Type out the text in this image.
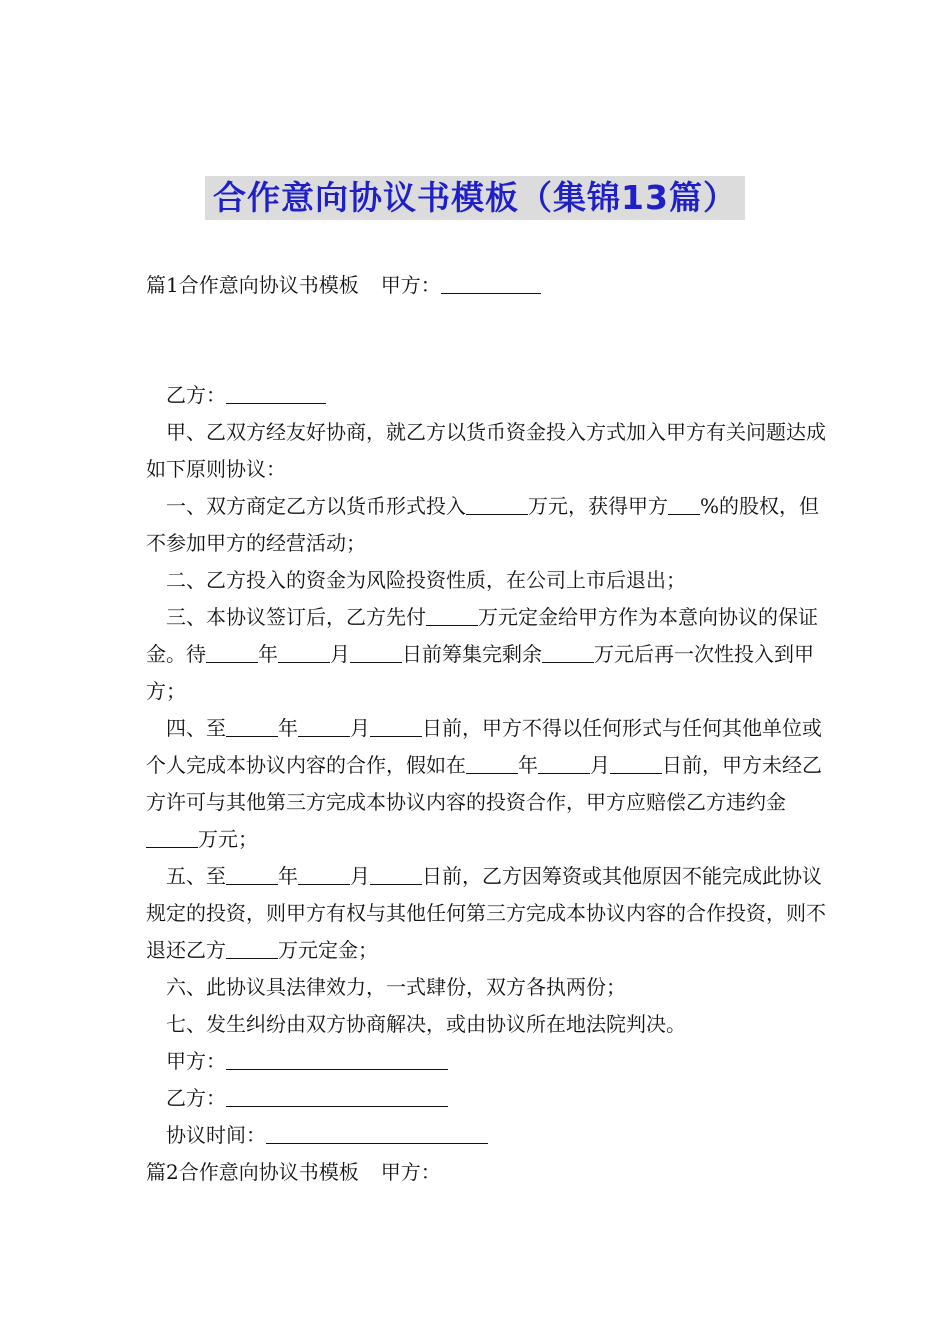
合作意向协议书模板（集锦13篇）

篇1合作意向协议书模板 甲方：

乙方：

甲、乙双方经友好协商，就乙方以货币资金投入方式加入甲方有关问题达成如下原则协议：

一、双方商定乙方以货币形式投入	万元，获得甲方 %的股权，但不参加甲方的经营活动；

二、乙方投入的资金为风险投资性质，在公司上市后退出；

三、本协议签订后，乙方先付	万元定金给甲方作为本意向协议的保证金。待	年	月	日前筹集完剩余	万元后再一次性投入到甲方；

四、至	年	月	日前，甲方不得以任何形式与任何其他单位或个人完成本协议内容的合作，假如在	年	月	日前，甲方未经乙方许可与其他第三方完成本协议内容的投资合作，甲方应赔偿乙方违约金万元；

五、至	年	月	日前，乙方因筹资或其他原因不能完成此协议规定的投资，则甲方有权与其他任何第三方完成本协议内容的合作投资，则不退还乙方	万元定金；

六、此协议具法律效力，一式肆份，双方各执两份；

七、发生纠纷由双方协商解决，或由协议所在地法院判决。

甲方：

乙方：

协议时间：

篇2合作意向协议书模板 甲方：
